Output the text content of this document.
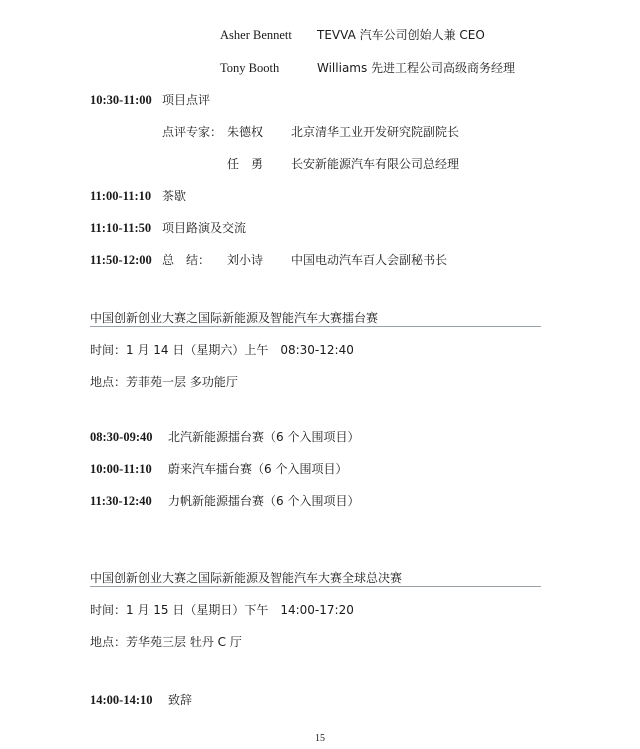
Asher Bennett TEVVA 汽车公司创始人兼 CEO
Tony Booth	Williams 先进工程公司高级商务经理
10:30-11:00 项目点评
点评专家： 朱德权 北京清华工业开发研究院副院长
任　勇 长安新能源汽车有限公司总经理
11:00-11:10 茶歇
11:10-11:50 项目路演及交流
11:50-12:00 总　结： 刘小诗 中国电动汽车百人会副秘书长
中国创新创业大赛之国际新能源及智能汽车大赛擂台赛
时间：1 月 14 日（星期六）上午　08:30-12:40
地点：芳菲苑一层 多功能厅
08:30-09:40 北汽新能源擂台赛（6 个入围项目）
10:00-11:10 蔚来汽车擂台赛（6 个入围项目）
11:30-12:40 力帆新能源擂台赛（6 个入围项目）
中国创新创业大赛之国际新能源及智能汽车大赛全球总决赛
时间：1 月 15 日（星期日）下午　14:00-17:20
地点：芳华苑三层 牡丹 C 厅
14:00-14:10 致辞
15
